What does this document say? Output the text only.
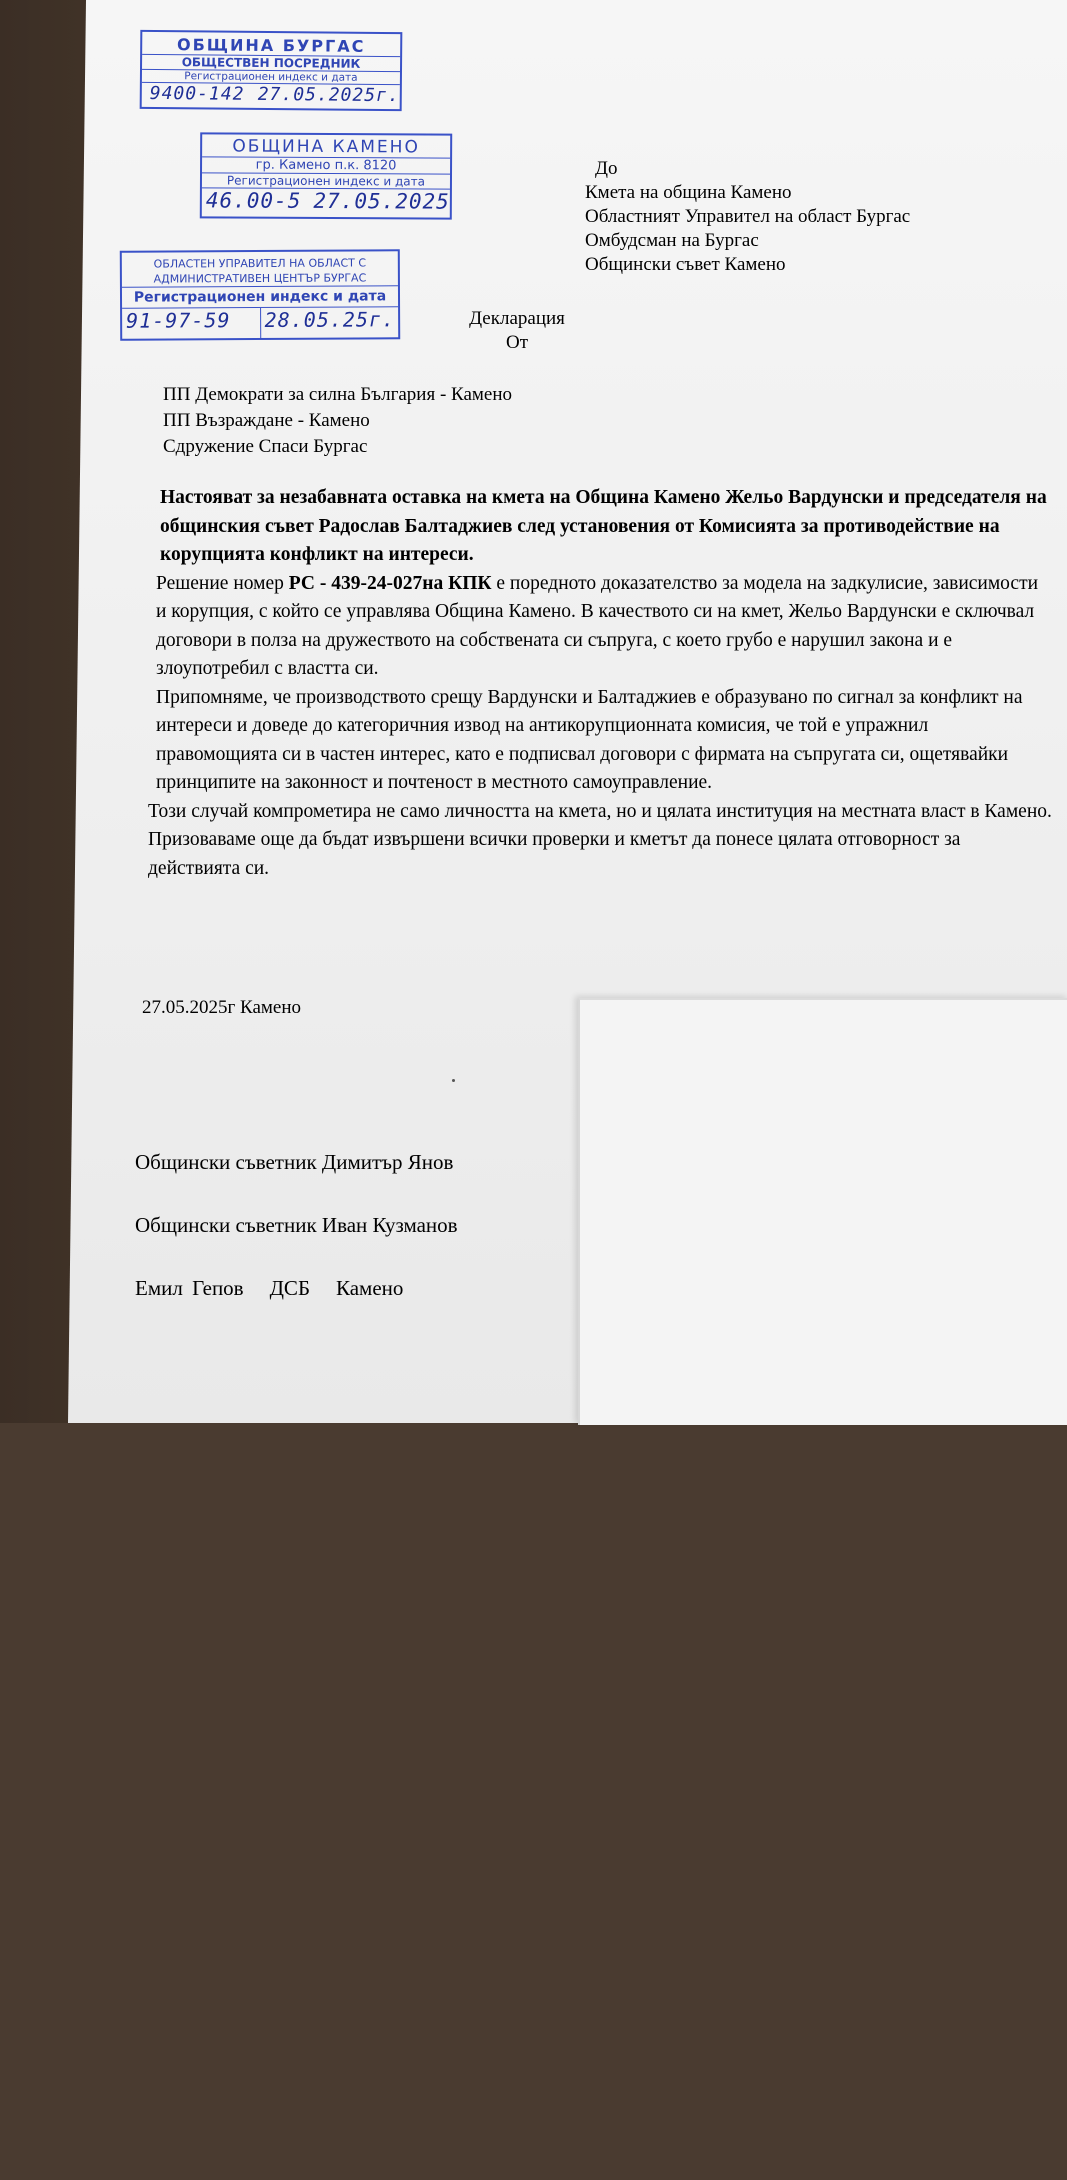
ОБЩИНА БУРГАС
ОБЩЕСТВЕН ПОСРЕДНИК
Регистрационен индекс и дата
9400-142 27.05.2025г.
ОБЩИНА КАМЕНО
гр. Камено п.к. 8120
Регистрационен индекс и дата
46.00-5 27.05.2025
ОБЛАСТЕН УПРАВИТЕЛ НА ОБЛАСТ С АДМИНИСТРАТИВЕН ЦЕНТЪР БУРГАС
Регистрационен индекс и дата
91-97-59	28.05.25г.
До
Кмета на община Камено
Областният Управител на област Бургас
Омбудсман на Бургас
Общински съвет Камено
Декларация
От
ПП Демократи за силна България - Камено
ПП Възраждане - Камено
Сдружение Спаси Бургас

Настояват за незабавната оставка на кмета на Община Камено Жельо Вардунски и председателя на общинския съвет Радослав Балтаджиев след установения от Комисията за противодействие на корупцията конфликт на интереси.

Решение номер РС - 439-24-027на КПК е поредното доказателство за модела на задкулисие, зависимости и корупция, с който се управлява Община Камено. В качеството си на кмет, Жельо Вардунски е сключвал договори в полза на дружеството на собствената си съпруга, с което грубо е нарушил закона и е злоупотребил с властта си.

Припомняме, че производството срещу Вардунски и Балтаджиев е образувано по сигнал за конфликт на интереси и доведе до категоричния извод на антикорупционната комисия, че той е упражнил правомощията си в частен интерес, като е подписвал договори с фирмата на съпругата си, ощетявайки принципите на законност и почтеност в местното самоуправление.

Този случай компрометира не само личността на кмета, но и цялата институция на местната власт в Камено. Призоваваме още да бъдат извършени всички проверки и кметът да понесе цялата отговорност за действията си.

27.05.2025г Камено
Общински съветник Димитър Янов
Общински съветник Иван Кузманов
Емил Гепов ДСБ Камено
